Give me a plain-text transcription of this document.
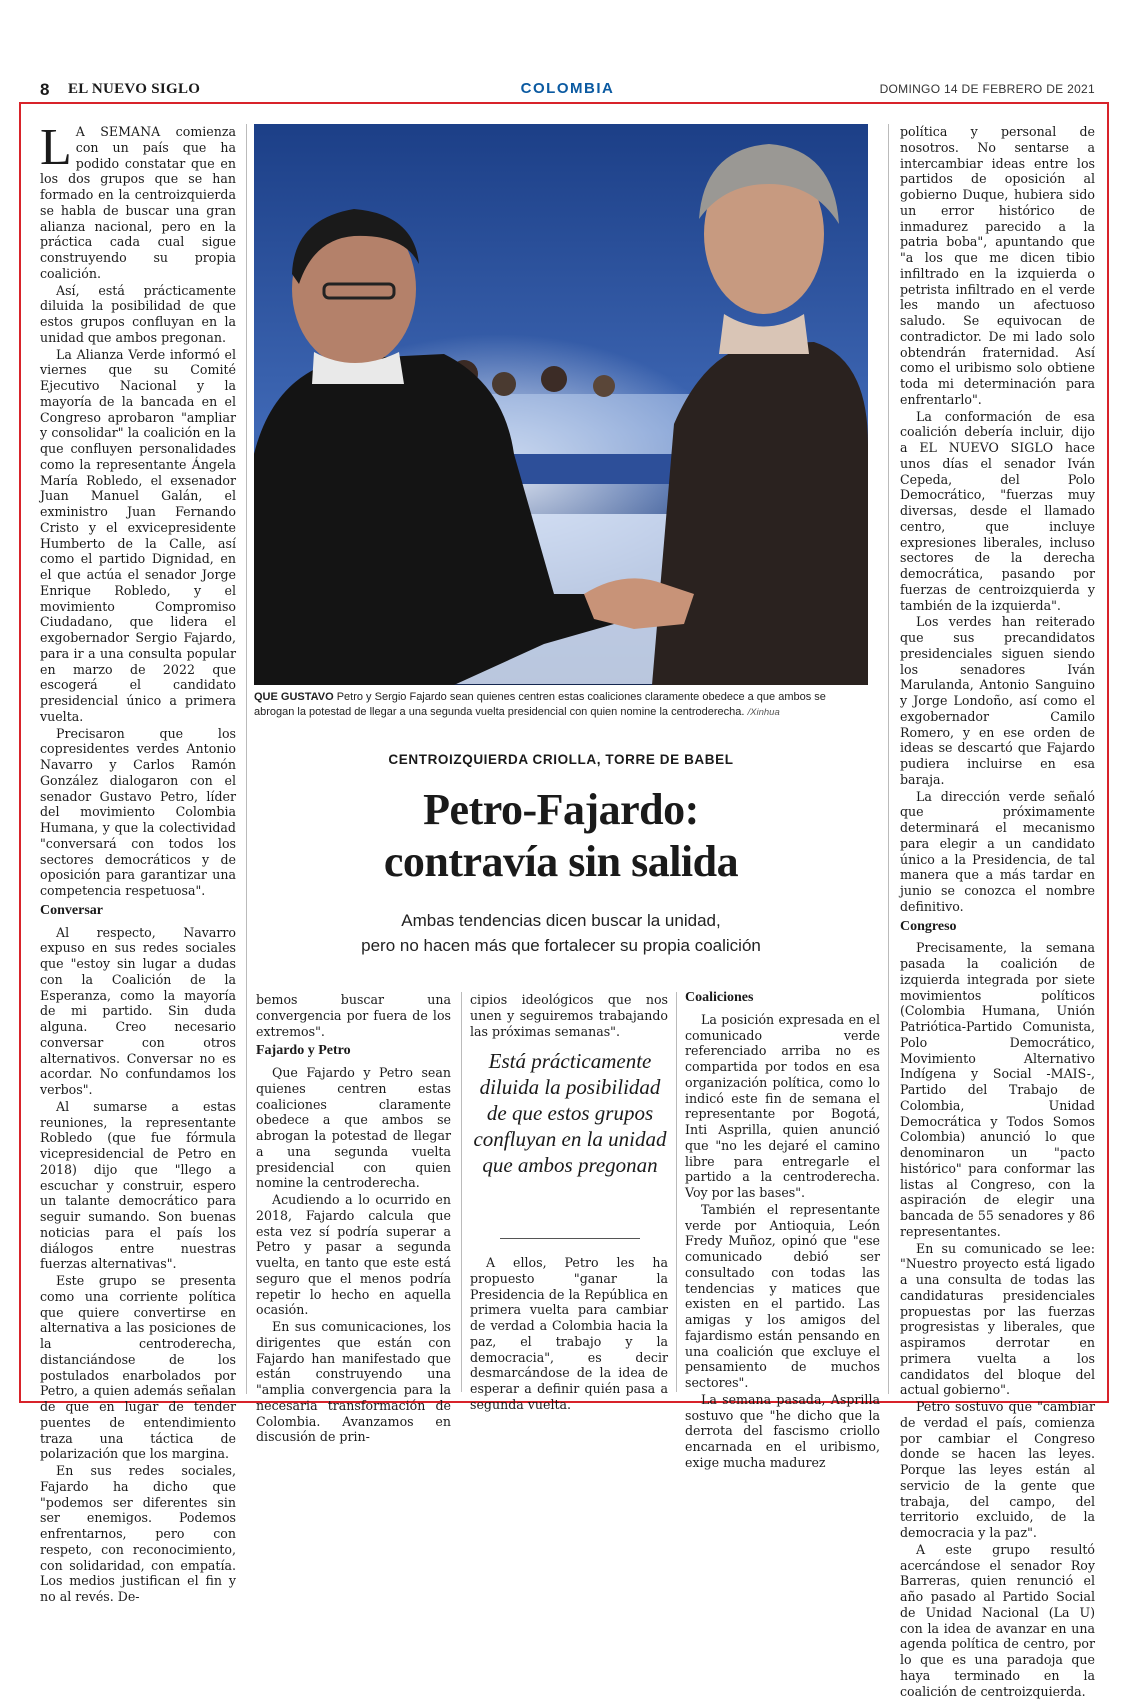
8 EL NUEVO SIGLO	COLOMBIA	DOMINGO 14 DE FEBRERO DE 2021

L A SEMANA comienza con un país que ha podido constatar que en los dos grupos que se han formado en la centroizquierda se habla de buscar una gran alianza nacional, pero en la práctica cada cual sigue construyendo su propia coalición.

Así, está prácticamente diluida la posibilidad de que estos grupos confluyan en la unidad que ambos pregonan.

La Alianza Verde informó el viernes que su Comité Ejecutivo Nacional y la mayoría de la bancada en el Congreso aprobaron "ampliar y consolidar" la coalición en la que confluyen personalidades como la representante Ángela María Robledo, el exsenador Juan Manuel Galán, el exministro Juan Fernando Cristo y el exvicepresidente Humberto de la Calle, así como el partido Dignidad, en el que actúa el senador Jorge Enrique Robledo, y el movimiento Compromiso Ciudadano, que lidera el exgobernador Sergio Fajardo, para ir a una consulta popular en marzo de 2022 que escogerá el candidato presidencial único a primera vuelta.

Precisaron que los copresidentes verdes Antonio Navarro y Carlos Ramón González dialogaron con el senador Gustavo Petro, líder del movimiento Colombia Humana, y que la colectividad "conversará con todos los sectores democráticos y de oposición para garantizar una competencia respetuosa".

Conversar

Al respecto, Navarro expuso en sus redes sociales que "estoy sin lugar a dudas con la Coalición de la Esperanza, como la mayoría de mi partido. Sin duda alguna. Creo necesario conversar con otros alternativos. Conversar no es acordar. No confundamos los verbos".

Al sumarse a estas reuniones, la representante Robledo (que fue fórmula vicepresidencial de Petro en 2018) dijo que "llego a escuchar y construir, espero un talante democrático para seguir sumando. Son buenas noticias para el país los diálogos entre nuestras fuerzas alternativas".

Este grupo se presenta como una corriente política que quiere convertirse en alternativa a las posiciones de la centroderecha, distanciándose de los postulados enarbolados por Petro, a quien además señalan de que en lugar de tender puentes de entendimiento traza una táctica de polarización que los margina.

En sus redes sociales, Fajardo ha dicho que "podemos ser diferentes sin ser enemigos. Podemos enfrentarnos, pero con respeto, con reconocimiento, con solidaridad, con empatía. Los medios justifican el fin y no al revés. De-

QUE GUSTAVO Petro y Sergio Fajardo sean quienes centren estas coaliciones claramente obedece a que ambos se abrogan la potestad de llegar a una segunda vuelta presidencial con quien nomine la centroderecha. /Xinhua
CENTROIZQUIERDA CRIOLLA, TORRE DE BABEL
Petro-Fajardo:
contravía sin salida
Ambas tendencias dicen buscar la unidad,
pero no hacen más que fortalecer su propia coalición

bemos buscar una convergencia por fuera de los extremos".

Fajardo y Petro

Que Fajardo y Petro sean quienes centren estas coaliciones claramente obedece a que ambos se abrogan la potestad de llegar a una segunda vuelta presidencial con quien nomine la centroderecha.

Acudiendo a lo ocurrido en 2018, Fajardo calcula que esta vez sí podría superar a Petro y pasar a segunda vuelta, en tanto que este está seguro que el menos podría repetir lo hecho en aquella ocasión.

En sus comunicaciones, los dirigentes que están con Fajardo han manifestado que están construyendo una "amplia convergencia para la necesaria transformación de Colombia. Avanzamos en discusión de prin-

cipios ideológicos que nos unen y seguiremos trabajando las próximas semanas".

Está prácticamente diluida la posibilidad de que estos grupos confluyan en la unidad que ambos pregonan

A ellos, Petro les ha propuesto "ganar la Presidencia de la República en primera vuelta para cambiar de verdad a Colombia hacia la paz, el trabajo y la democracia", es decir desmarcándose de la idea de esperar a definir quién pasa a segunda vuelta.

Coaliciones

La posición expresada en el comunicado verde referenciado arriba no es compartida por todos en esa organización política, como lo indicó este fin de semana el representante por Bogotá, Inti Asprilla, quien anunció que "no les dejaré el camino libre para entregarle el partido a la centroderecha. Voy por las bases".

También el representante verde por Antioquia, León Fredy Muñoz, opinó que "ese comunicado debió ser consultado con todas las tendencias y matices que existen en el partido. Las amigas y los amigos del fajardismo están pensando en una coalición que excluye el pensamiento de muchos sectores".

La semana pasada, Asprilla sostuvo que "he dicho que la derrota del fascismo criollo encarnada en el uribismo, exige mucha madurez

política y personal de nosotros. No sentarse a intercambiar ideas entre los partidos de oposición al gobierno Duque, hubiera sido un error histórico de inmadurez parecido a la patria boba", apuntando que "a los que me dicen tibio infiltrado en la izquierda o petrista infiltrado en el verde les mando un afectuoso saludo. Se equivocan de contradictor. De mi lado solo obtendrán fraternidad. Así como el uribismo solo obtiene toda mi determinación para enfrentarlo".

La conformación de esa coalición debería incluir, dijo a EL NUEVO SIGLO hace unos días el senador Iván Cepeda, del Polo Democrático, "fuerzas muy diversas, desde el llamado centro, que incluye expresiones liberales, incluso sectores de la derecha democrática, pasando por fuerzas de centroizquierda y también de la izquierda".

Los verdes han reiterado que sus precandidatos presidenciales siguen siendo los senadores Iván Marulanda, Antonio Sanguino y Jorge Londoño, así como el exgobernador Camilo Romero, y en ese orden de ideas se descartó que Fajardo pudiera incluirse en esa baraja.

La dirección verde señaló que próximamente determinará el mecanismo para elegir a un candidato único a la Presidencia, de tal manera que a más tardar en junio se conozca el nombre definitivo.

Congreso

Precisamente, la semana pasada la coalición de izquierda integrada por siete movimientos políticos (Colombia Humana, Unión Patriótica-Partido Comunista, Polo Democrático, Movimiento Alternativo Indígena y Social -MAIS-, Partido del Trabajo de Colombia, Unidad Democrática y Todos Somos Colombia) anunció lo que denominaron un "pacto histórico" para conformar las listas al Congreso, con la aspiración de elegir una bancada de 55 senadores y 86 representantes.

En su comunicado se lee: "Nuestro proyecto está ligado a una consulta de todas las candidaturas presidenciales propuestas por las fuerzas progresistas y liberales, que aspiramos derrotar en primera vuelta a los candidatos del bloque del actual gobierno".

Petro sostuvo que "cambiar de verdad el país, comienza por cambiar el Congreso donde se hacen las leyes. Porque las leyes están al servicio de la gente que trabaja, del campo, del territorio excluido, de la democracia y la paz".

A este grupo resultó acercándose el senador Roy Barreras, quien renunció el año pasado al Partido Social de Unidad Nacional (La U) con la idea de avanzar en una agenda política de centro, por lo que es una paradoja que haya terminado en la coalición de centroizquierda.
